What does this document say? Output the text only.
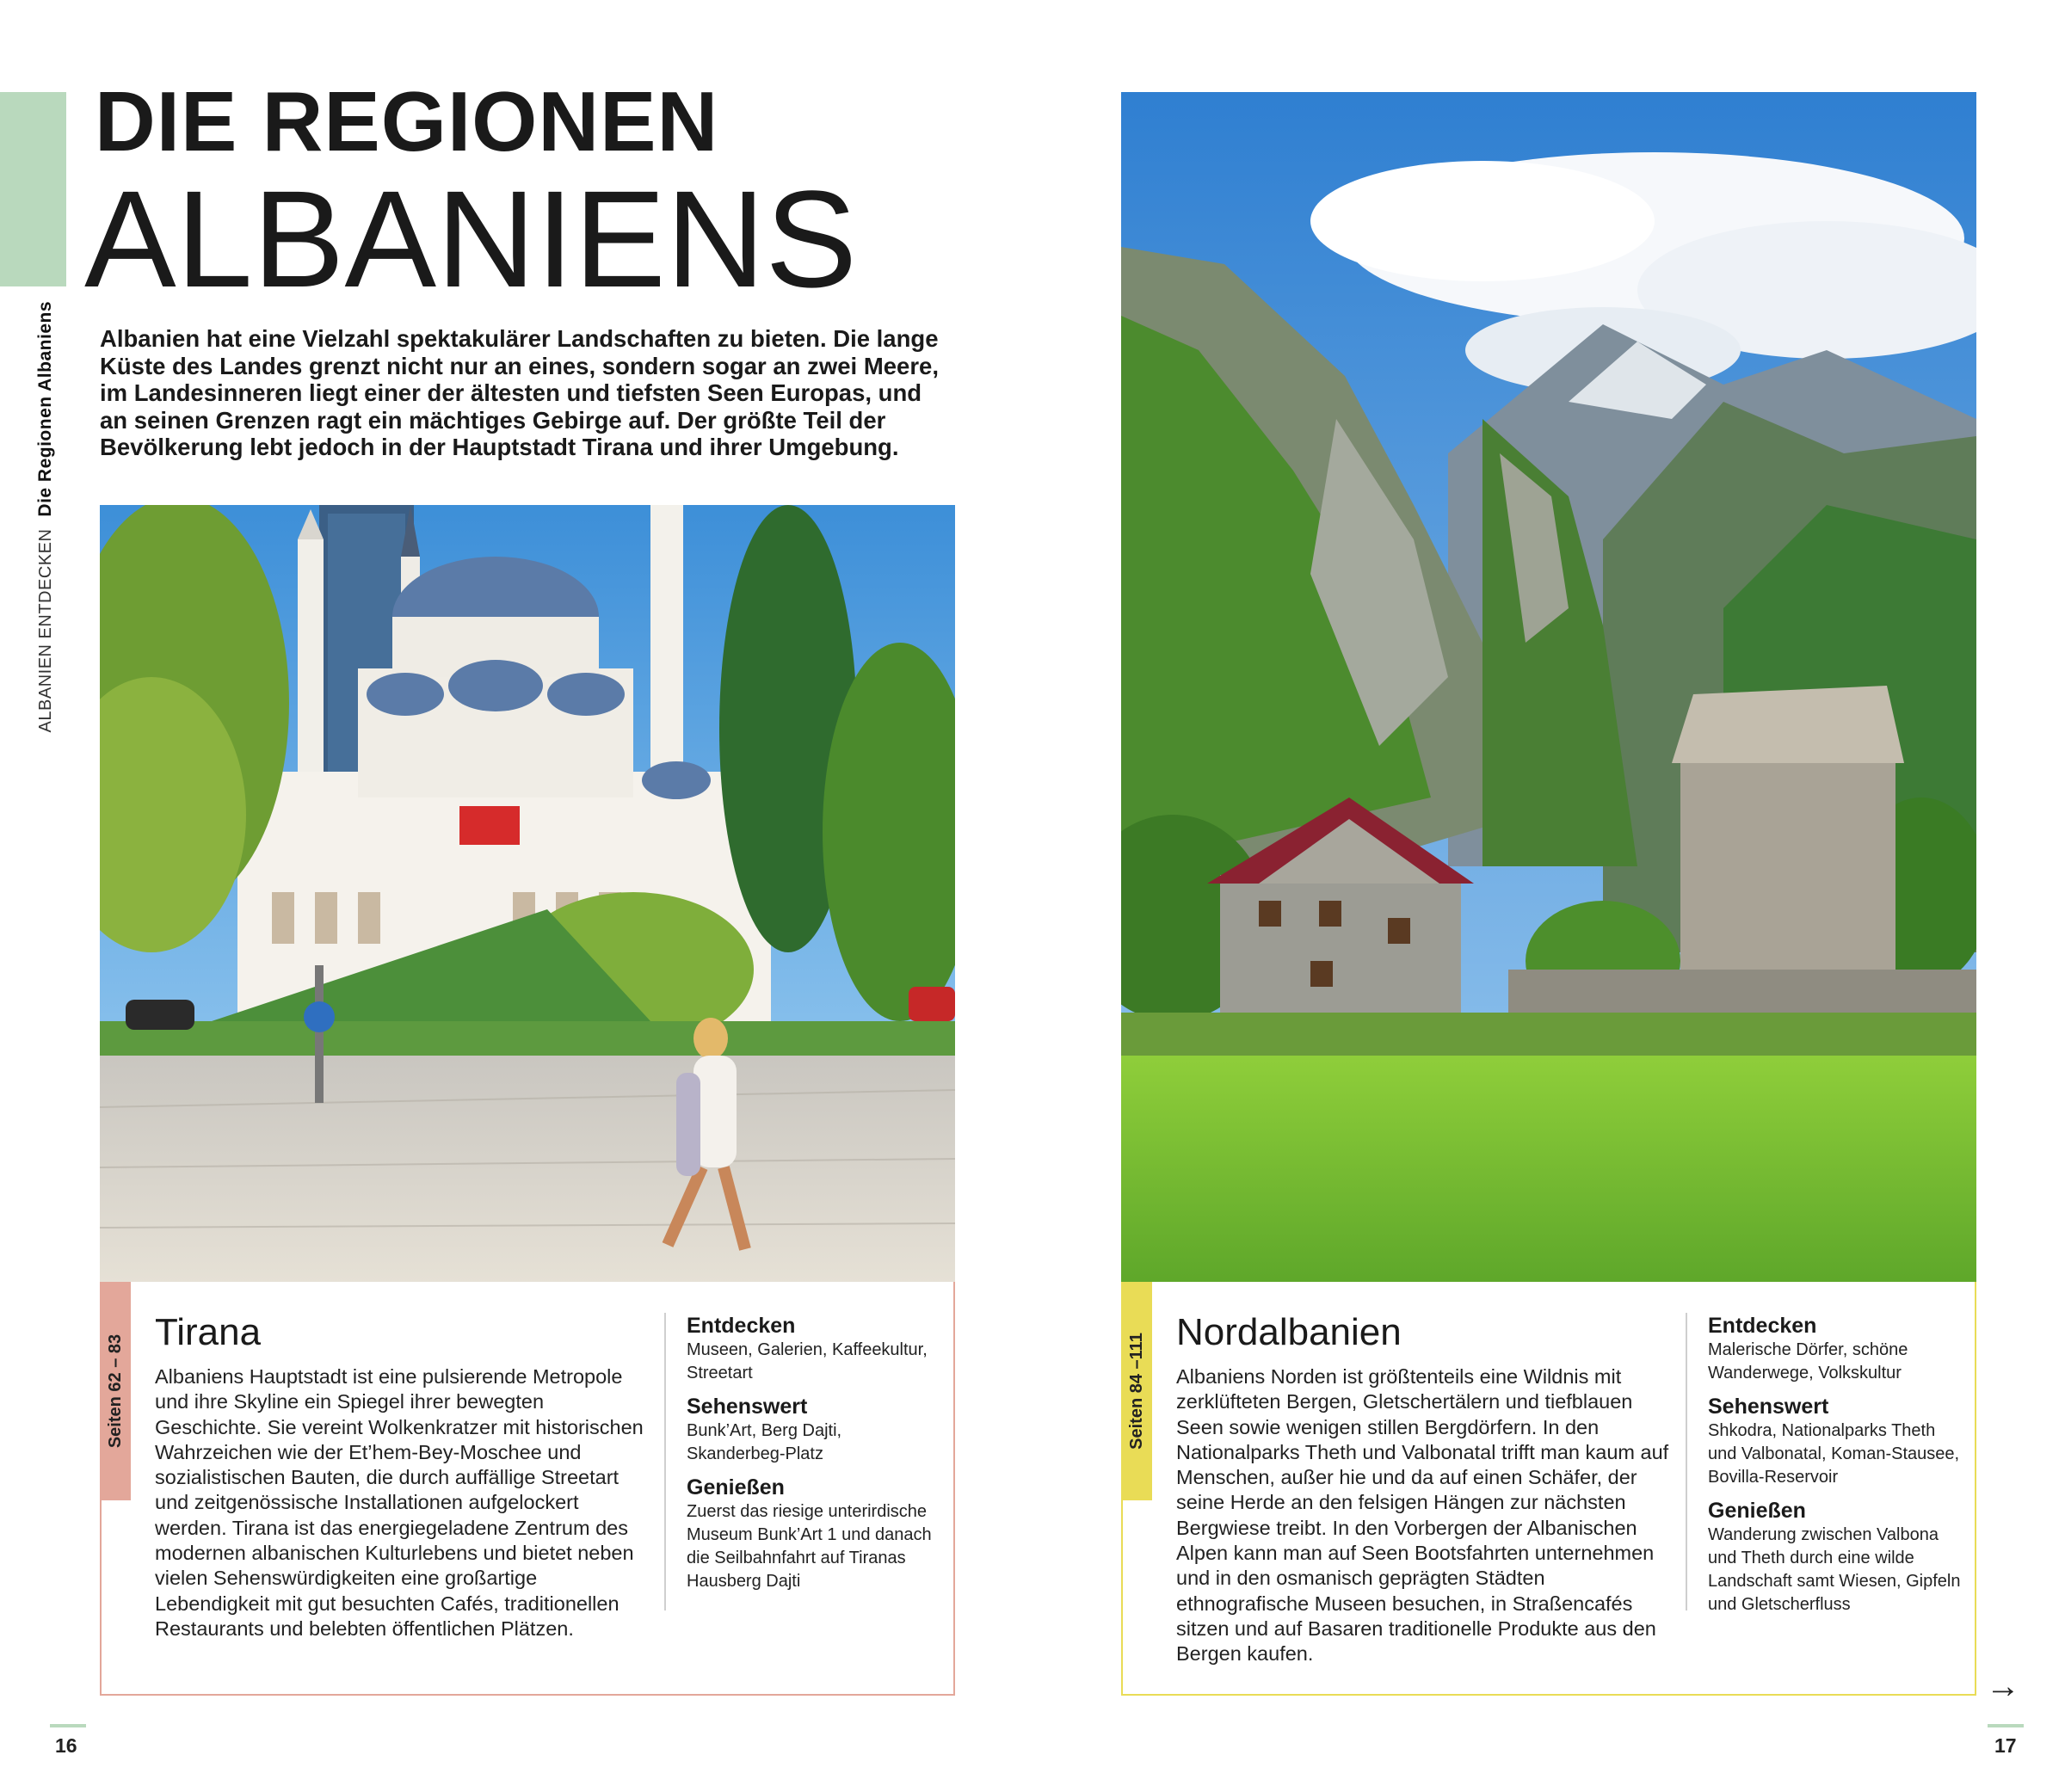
ALBANIEN ENTDECKEN
Die Regionen Albaniens
DIE REGIONEN
ALBANIENS
Albanien hat eine Vielzahl spektakulärer Landschaften zu bieten. Die lange Küste des Landes grenzt nicht nur an eines, sondern sogar an zwei Meere, im Landesinneren liegt einer der ältesten und tiefsten Seen Europas, und an seinen Grenzen ragt ein mächtiges Gebirge auf. Der größte Teil der Bevölkerung lebt jedoch in der Hauptstadt Tirana und ihrer Umgebung.
Seiten 62 – 83
Tirana
Albaniens Hauptstadt ist eine pulsierende Metropole und ihre Skyline ein Spiegel ihrer bewegten Geschichte. Sie vereint Wolkenkratzer mit historischen Wahrzeichen wie der Et’hem-Bey-Moschee und sozialistischen Bauten, die durch auffällige Streetart und zeitgenössische Installationen aufgelockert werden. Tirana ist das energiegeladene Zentrum des modernen albanischen Kulturlebens und bietet neben vielen Sehenswürdigkeiten eine großartige Lebendigkeit mit gut besuchten Cafés, traditionellen Restaurants und belebten öffentlichen Plätzen.

Entdecken

Museen, Galerien, Kaffeekultur, Streetart

Sehenswert

Bunk’Art, Berg Dajti, Skanderbeg-Platz

Genießen

Zuerst das riesige unterirdische Museum Bunk’Art 1 und danach die Seilbahnfahrt auf Tiranas Hausberg Dajti

Seiten 84 –111
Nordalbanien
Albaniens Norden ist größtenteils eine Wildnis mit zerklüfteten Bergen, Gletschertälern und tiefblauen Seen sowie wenigen stillen Bergdörfern. In den Nationalparks Theth und Valbonatal trifft man kaum auf Menschen, außer hie und da auf einen Schäfer, der seine Herde an den felsigen Hängen zur nächsten Bergwiese treibt. In den Vorbergen der Albanischen Alpen kann man auf Seen Bootsfahrten unternehmen und in den osmanisch geprägten Städten ethnografische Museen besuchen, in Straßencafés sitzen und auf Basaren traditionelle Produkte aus den Bergen kaufen.

Entdecken

Malerische Dörfer, schöne Wanderwege, Volkskultur

Sehenswert

Shkodra, Nationalparks Theth und Valbonatal, Koman-Stausee, Bovilla-Reservoir

Genießen

Wanderung zwischen Valbona und Theth durch eine wilde Landschaft samt Wiesen, Gipfeln und Gletscherfluss

16
→
17
